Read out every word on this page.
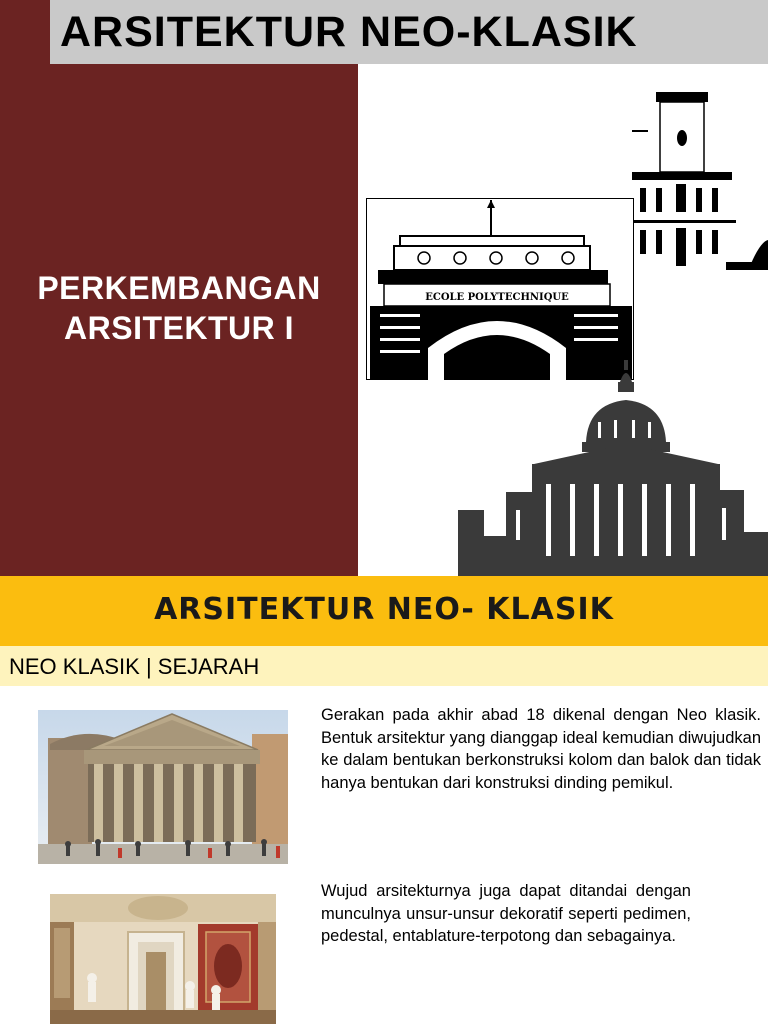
ARSITEKTUR NEO-KLASIK
PERKEMBANGAN
ARSITEKTUR I
ECOLE POLYTECHNIQUE
ARSITEKTUR NEO- KLASIK
NEO KLASIK | SEJARAH

Gerakan pada akhir abad 18 dikenal dengan Neo klasik. Bentuk arsitektur yang dianggap ideal kemudian diwujudkan ke dalam bentukan berkonstruksi kolom dan balok dan tidak hanya bentukan dari konstruksi dinding pemikul.

Wujud arsitekturnya juga dapat ditandai dengan munculnya unsur-unsur dekoratif seperti pedimen, pedestal, entablature-terpotong dan sebagainya.
